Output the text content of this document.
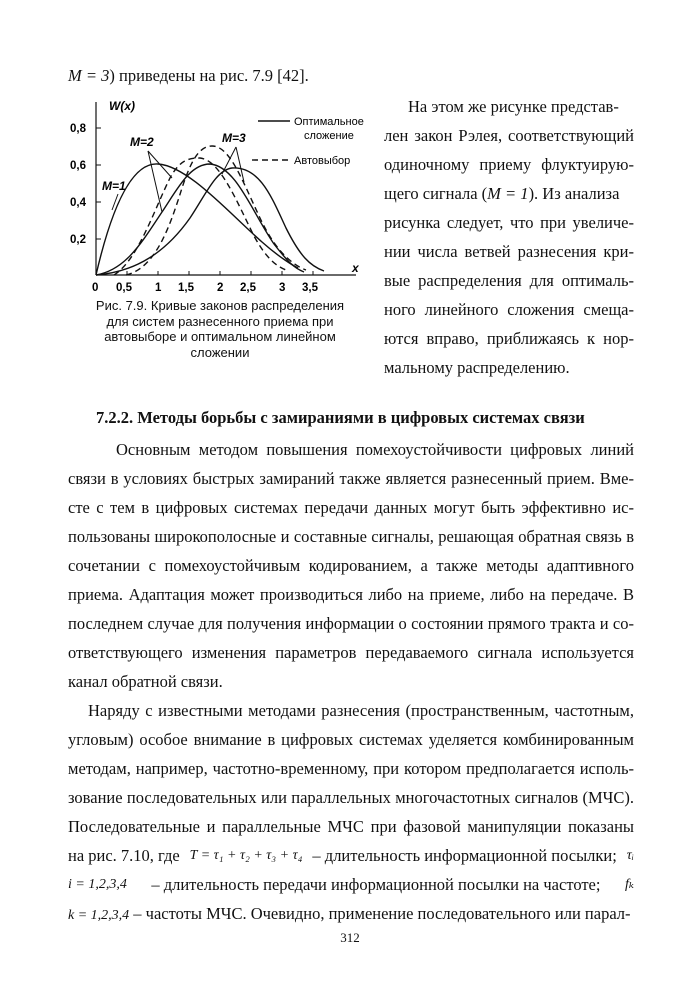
M = 3) приведены на рис. 7.9 [42].
W(x)
x
0,8
0,6
0,4
0,2
0 0,5 1 1,5 2 2,5 3 3,5
M=1
M=2	M=3
Оптимальное
сложение
Автовыбор
Рис. 7.9. Кривые законов распределения
для систем разнесенного приема при
автовыборе и оптимальном линейном
сложении
На этом же рисунке представ-
лен закон Рэлея, соответствующий
одиночному приему флуктуирую-
щего сигнала (M = 1). Из анализа
рисунка следует, что при увеличе-
нии числа ветвей разнесения кри-
вые распределения для оптималь-
ного линейного сложения смеща-
ются вправо, приближаясь к нор-
мальному распределению.
7.2.2. Методы борьбы с замираниями в цифровых системах связи
Основным методом повышения помехоустойчивости цифровых линий
связи в условиях быстрых замираний также является разнесенный прием. Вме-
сте с тем в цифровых системах передачи данных могут быть эффективно ис-
пользованы широкополосные и составные сигналы, решающая обратная связь в
сочетании с помехоустойчивым кодированием, а также методы адаптивного
приема. Адаптация может производиться либо на приеме, либо на передаче. В
последнем случае для получения информации о состоянии прямого тракта и со-
ответствующего изменения параметров передаваемого сигнала используется
канал обратной связи.
Наряду с известными методами разнесения (пространственным, частотным,
угловым) особое внимание в цифровых системах уделяется комбинированным
методам, например, частотно-временному, при котором предполагается исполь-
зование последовательных или параллельных многочастотных сигналов (МЧС).
Последовательные и параллельные МЧС при фазовой манипуляции показаны
на рис. 7.10, где T = τ₁ + τ₂ + τ₃ + τ₄ – длительность информационной посылки; τᵢ
i = 1,2,3,4 – длительность передачи информационной посылки на частоте; fₖ
k = 1,2,3,4 – частоты МЧС. Очевидно, применение последовательного или парал-
312
